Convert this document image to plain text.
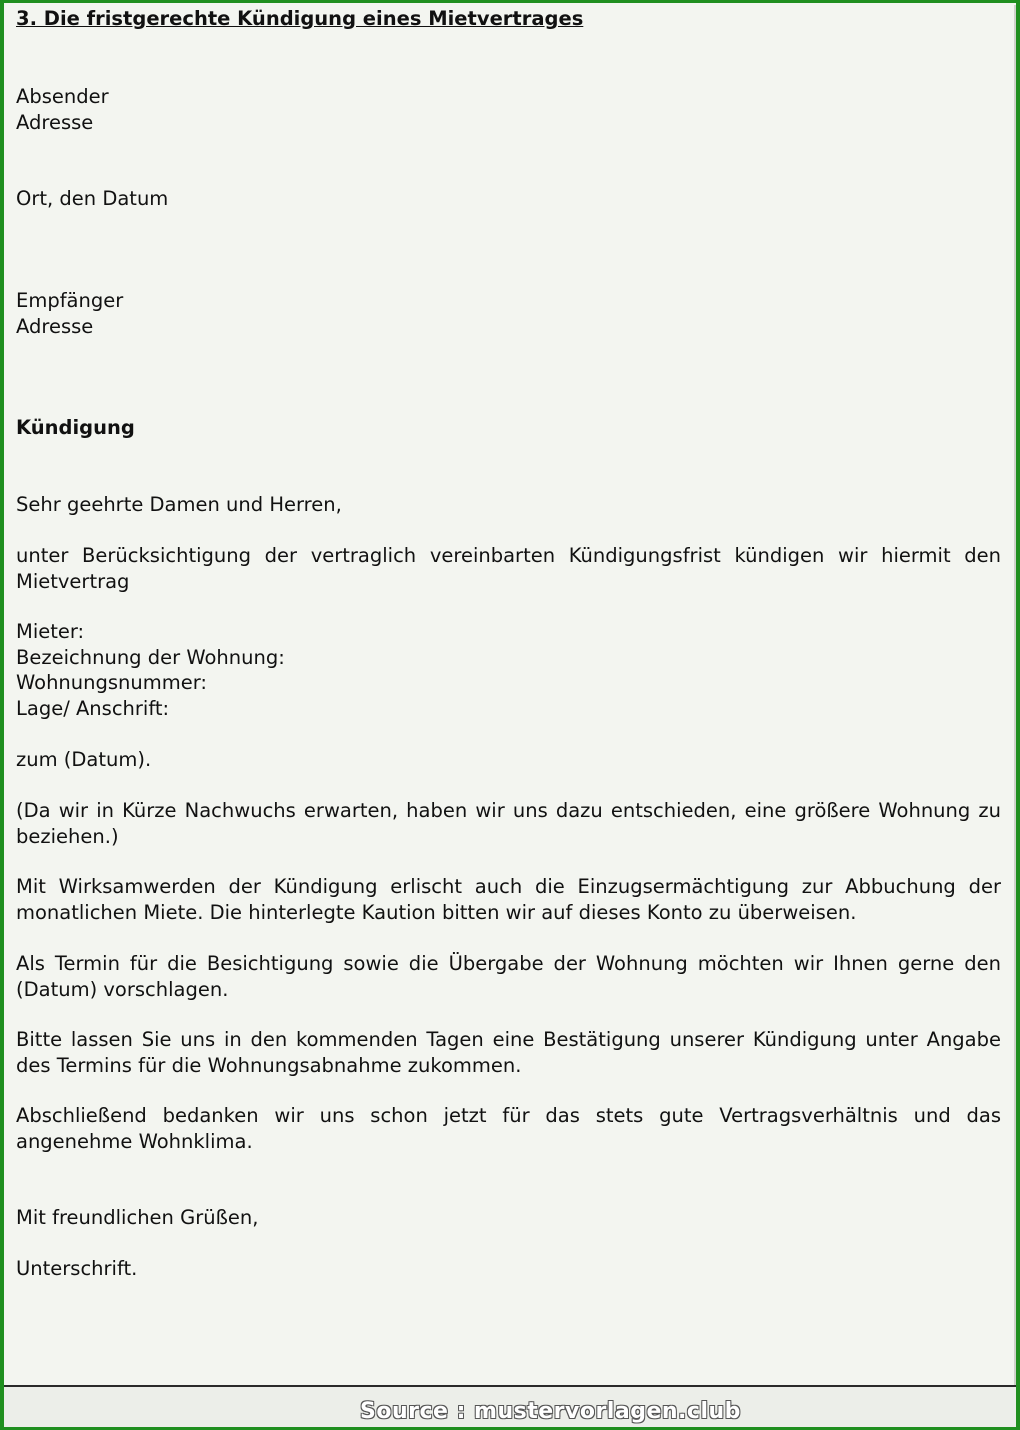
3. Die fristgerechte Kündigung eines Mietvertrages
Absender
Adresse
Ort, den Datum
Empfänger
Adresse
Kündigung
Sehr geehrte Damen und Herren,
unter Berücksichtigung der vertraglich vereinbarten Kündigungsfrist kündigen wir hiermit den Mietvertrag
Mieter:
Bezeichnung der Wohnung:
Wohnungsnummer:
Lage/ Anschrift:
zum (Datum).
(Da wir in Kürze Nachwuchs erwarten, haben wir uns dazu entschieden, eine größere Wohnung zu beziehen.)
Mit Wirksamwerden der Kündigung erlischt auch die Einzugsermächtigung zur Abbuchung der monatlichen Miete. Die hinterlegte Kaution bitten wir auf dieses Konto zu überweisen.
Als Termin für die Besichtigung sowie die Übergabe der Wohnung möchten wir Ihnen gerne den (Datum) vorschlagen.
Bitte lassen Sie uns in den kommenden Tagen eine Bestätigung unserer Kündigung unter Angabe des Termins für die Wohnungsabnahme zukommen.
Abschließend bedanken wir uns schon jetzt für das stets gute Vertragsverhältnis und das angenehme Wohnklima.
Mit freundlichen Grüßen,
Unterschrift.
Source : mustervorlagen.club
